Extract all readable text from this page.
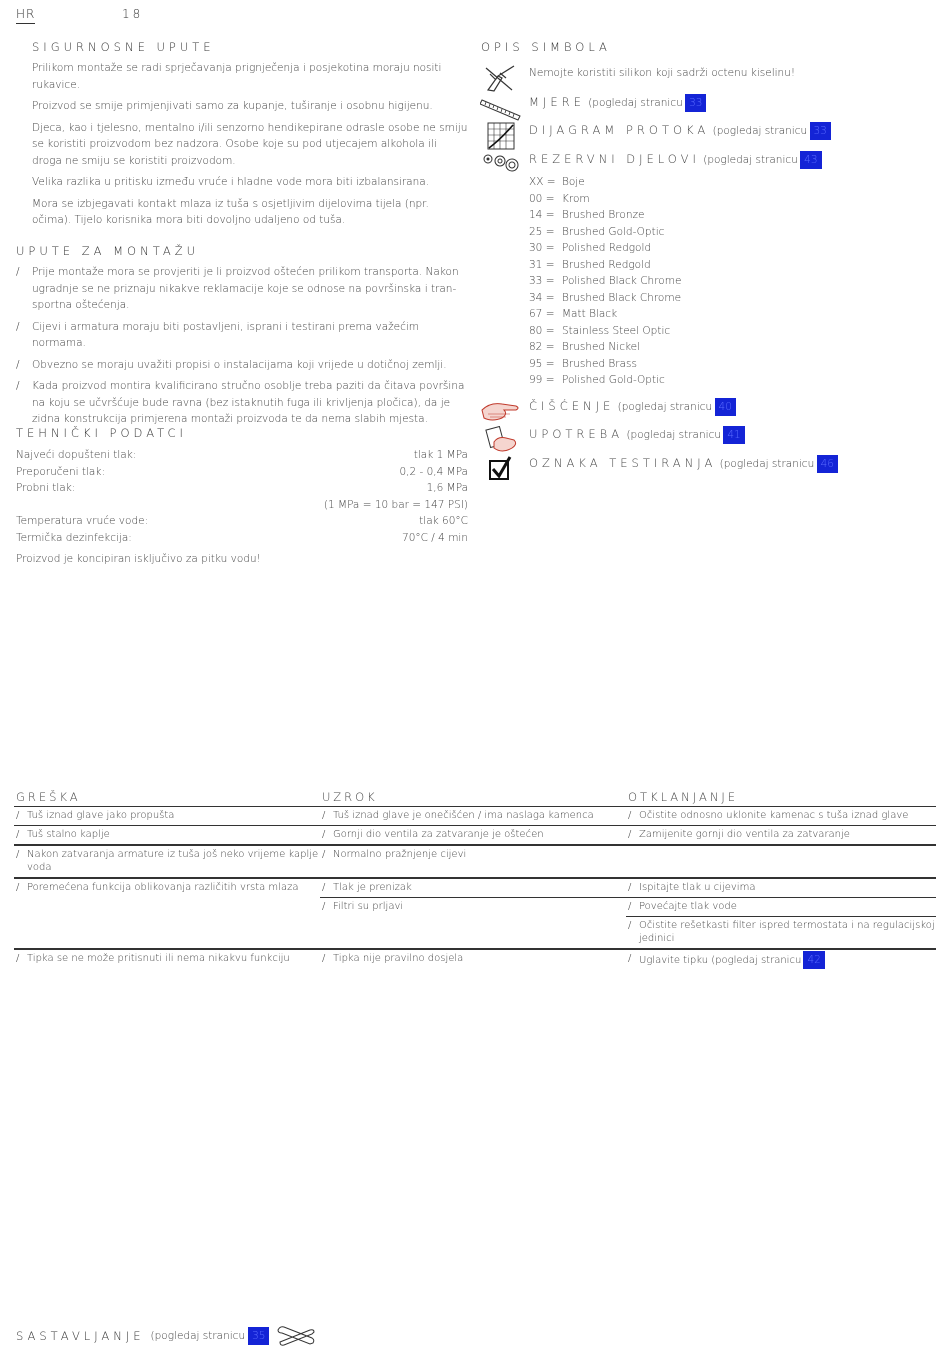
HR	18
SIGURNOSNE UPUTE

Prilikom montaže se radi sprječavanja prignječenja i posjekotina moraju nositi rukavice.

Proizvod se smije primjenjivati samo za kupanje, tuširanje i osobnu higijenu.

Djeca, kao i tjelesno, mentalno i/ili senzorno hendikepirane odrasle osobe ne smiju se koristiti proizvodom bez nadzora. Osobe koje su pod utjecajem alkohola ili droga ne smiju se koristiti proizvodom.

Velika razlika u pritisku između vruće i hladne vode mora biti izbalansirana.

Mora se izbjegavati kontakt mlaza iz tuša s osjetljivim dijelovima tijela (npr. očima). Tijelo korisnika mora biti dovoljno udaljeno od tuša.

UPUTE ZA MONTAŽU
/ Prije montaže mora se provjeriti je li proizvod oštećen prilikom transporta. Nakon ugradnje se ne priznaju nikakve reklamacije koje se odnose na površinska i tran-sportna oštećenja.
/ Cijevi i armatura moraju biti postavljeni, isprani i testirani prema važećim normama.
/ Obvezno se moraju uvažiti propisi o instalacijama koji vrijede u dotičnoj zemlji.
/ Kada proizvod montira kvalificirano stručno osoblje treba paziti da čitava površina na koju se učvršćuje bude ravna (bez istaknutih fuga ili krivljenja pločica), da je zidna konstrukcija primjerena montaži proizvoda te da nema slabih mjesta.
TEHNIČKI PODATCI
Najveći dopušteni tlak:	tlak 1 MPa
Preporučeni tlak:	0,2 - 0,4 MPa
Probni tlak:	1,6 MPa
(1 MPa = 10 bar = 147 PSI)
Temperatura vruće vode:	tlak 60°C
Termička dezinfekcija:	70°C / 4 min
Proizvod je koncipiran isključivo za pitku vodu!
OPIS SIMBOLA
Nemojte koristiti silikon koji sadrži octenu kiselinu!
MJERE (pogledaj stranicu 33
DIJAGRAM PROTOKA (pogledaj stranicu 33
REZERVNI DJELOVI (pogledaj stranicu 43
XX = Boje
00 = Krom
14 = Brushed Bronze
25 = Brushed Gold-Optic
30 = Polished Redgold
31 = Brushed Redgold
33 = Polished Black Chrome
34 = Brushed Black Chrome
67 = Matt Black
80 = Stainless Steel Optic
82 = Brushed Nickel
95 = Brushed Brass
99 = Polished Gold-Optic
ČIŠĆENJE (pogledaj stranicu 40
UPOTREBA (pogledaj stranicu 41
OZNAKA TESTIRANJA (pogledaj stranicu 46
GREŠKA	UZROK	OTKLANJANJE

/ Tuš iznad glave jako propušta	/ Tuš iznad glave je onečišćen / ima naslaga kamenca	/ Očistite odnosno uklonite kamenac s tuša iznad glave

/ Tuš stalno kaplje	/ Gornji dio ventila za zatvaranje je oštećen	/ Zamijenite gornji dio ventila za zatvaranje

/ Nakon zatvaranja armature iz tuša još neko vrijeme kaplje voda	/ Normalno pražnjenje cijevi

/ Poremećena funkcija oblikovanja različitih vrsta mlaza	/ Tlak je prenizak	/ Ispitajte tlak u cijevima

	/ Filtri su prljavi	/ Povećajte tlak vode

		/ Očistite rešetkasti filter ispred termostata i na regulacijskoj jedinici

/ Tipka se ne može pritisnuti ili nema nikakvu funkciju	/ Tipka nije pravilno dosjela	/ Uglavite tipku (pogledaj stranicu 42
SASTAVLJANJE (pogledaj stranicu 35
